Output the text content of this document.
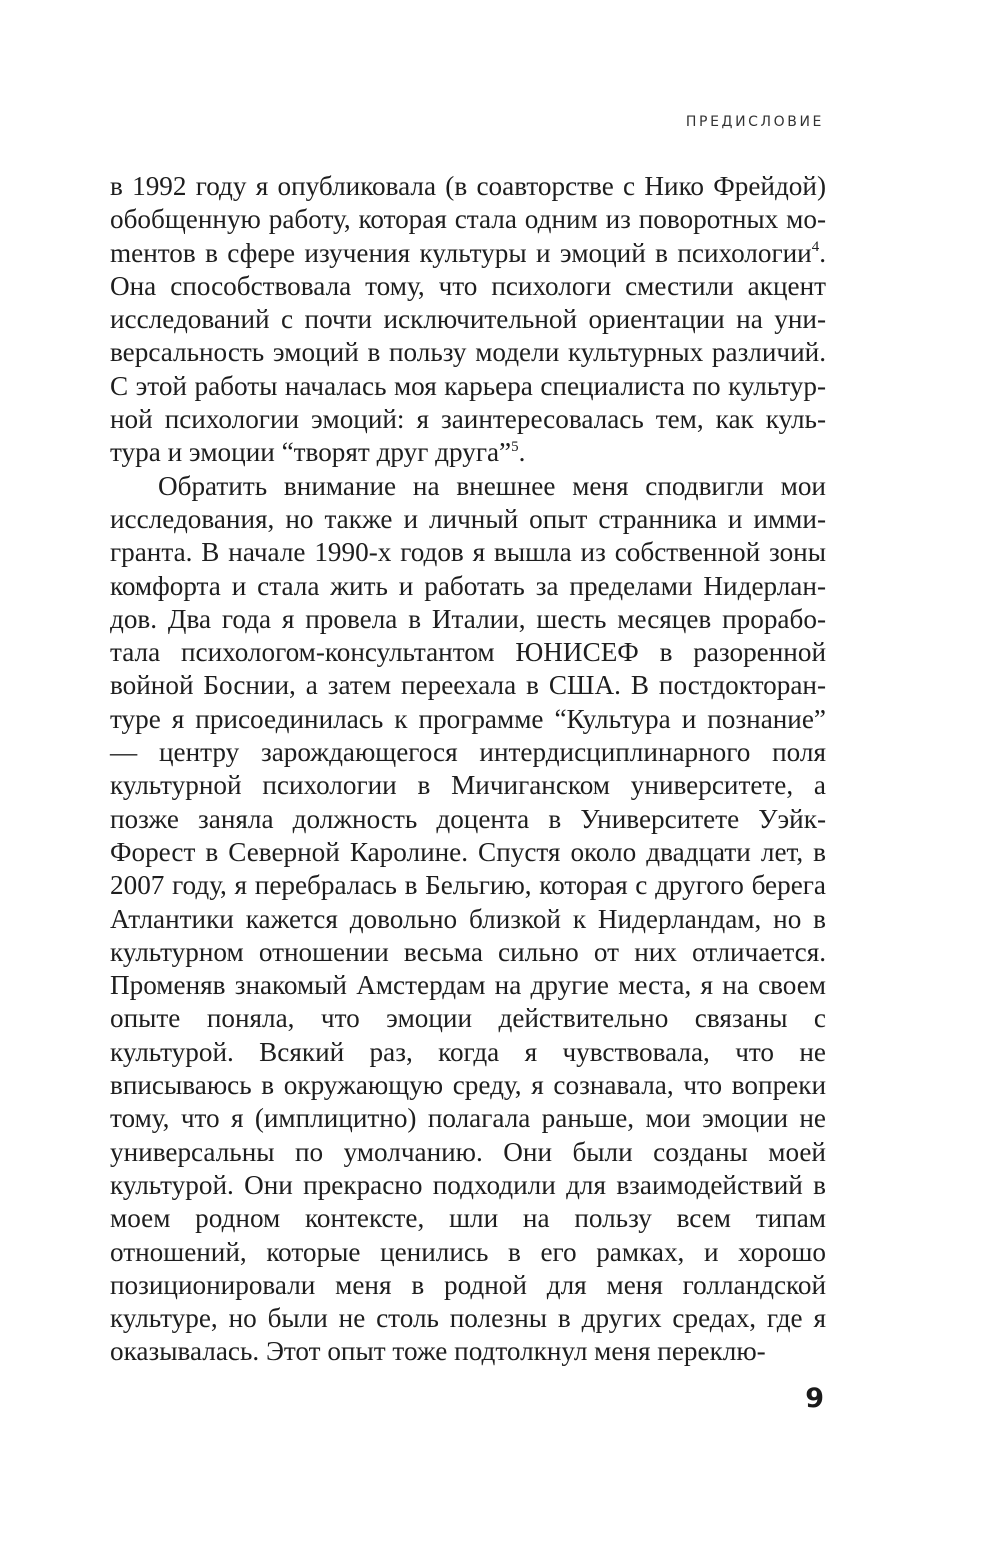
ПРЕДИСЛОВИЕ

в 1992 году я опубликовала (в соавторстве с Нико Фрейдой) обобщенную работу, которая стала одним из поворотных моmентов в сфере изучения культуры и эмоций в психологии$^4$. Она способствовала тому, что психологи сместили акцент исследований с почти исключительной ориентации на универсальность эмоций в пользу модели культурных различий. С этой работы началась моя карьера специалиста по культурной психологии эмоций: я заинтересовалась тем, как культура и эмоции “творят друг друга”$^5$.

Обратить внимание на внешнее меня сподвигли мои исследования, но также и личный опыт странника и иммигранта. В начале 1990-х годов я вышла из собственной зоны комфорта и стала жить и работать за пределами Нидерландов. Два года я провела в Италии, шесть месяцев проработала психологом-консультантом ЮНИСЕФ в разоренной войной Боснии, а затем переехала в США. В постдокторантуре я присоединилась к программе “Культура и познание” — центру зарождающегося интердисциплинарного поля культурной психологии в Мичиганском университете, а позже заняла должность доцента в Университете Уэйк-Форест в Северной Каролине. Спустя около двадцати лет, в 2007 году, я перебралась в Бельгию, которая с другого берега Атлантики кажется довольно близкой к Нидерландам, но в культурном отношении весьма сильно от них отличается. Променяв знакомый Амстердам на другие места, я на своем опыте поняла, что эмоции действительно связаны с культурой. Всякий раз, когда я чувствовала, что не вписываюсь в окружающую среду, я сознавала, что вопреки тому, что я (имплицитно) полагала раньше, мои эмоции не универсальны по умолчанию. Они были созданы моей культурой. Они прекрасно подходили для взаимодействий в моем родном контексте, шли на пользу всем типам отношений, которые ценились в его рамках, и хорошо позиционировали меня в родной для меня голландской культуре, но были не столь полезны в других средах, где я оказывалась. Этот опыт тоже подтолкнул меня переклю-

9
